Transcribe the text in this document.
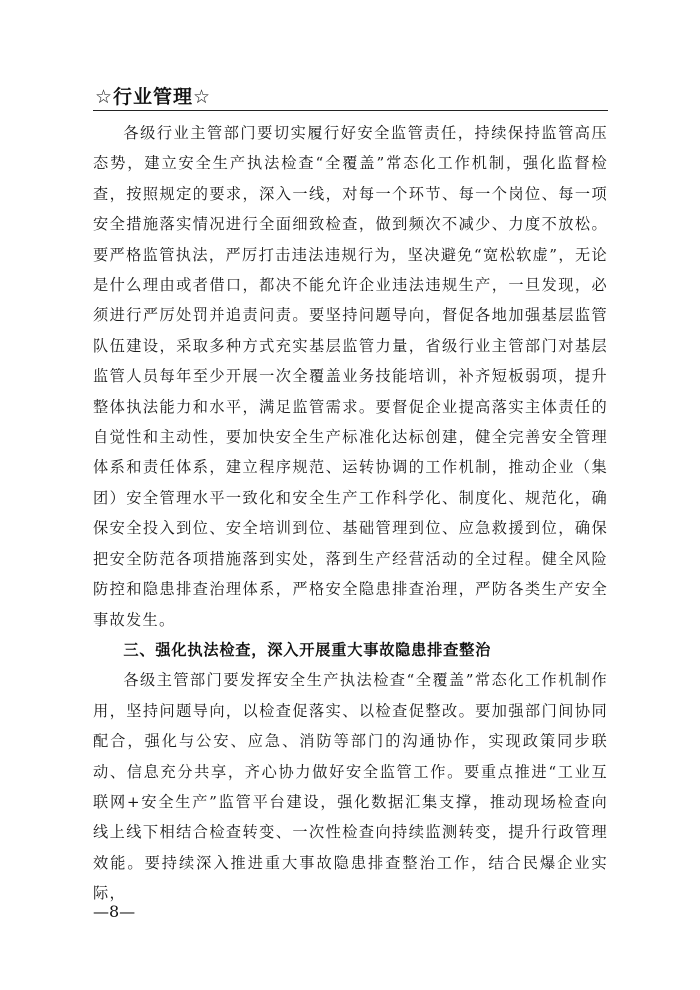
☆行业管理☆

各级行业主管部门要切实履行好安全监管责任，持续保持监管高压态势，建立安全生产执法检查“全覆盖”常态化工作机制，强化监督检查，按照规定的要求，深入一线，对每一个环节、每一个岗位、每一项安全措施落实情况进行全面细致检查，做到频次不减少、力度不放松。要严格监管执法，严厉打击违法违规行为，坚决避免“宽松软虚”，无论是什么理由或者借口，都决不能允许企业违法违规生产，一旦发现，必须进行严厉处罚并追责问责。要坚持问题导向，督促各地加强基层监管队伍建设，采取多种方式充实基层监管力量，省级行业主管部门对基层监管人员每年至少开展一次全覆盖业务技能培训，补齐短板弱项，提升整体执法能力和水平，满足监管需求。要督促企业提高落实主体责任的自觉性和主动性，要加快安全生产标准化达标创建，健全完善安全管理体系和责任体系，建立程序规范、运转协调的工作机制，推动企业（集团）安全管理水平一致化和安全生产工作科学化、制度化、规范化，确保安全投入到位、安全培训到位、基础管理到位、应急救援到位，确保把安全防范各项措施落到实处，落到生产经营活动的全过程。健全风险防控和隐患排查治理体系，严格安全隐患排查治理，严防各类生产安全事故发生。

三、强化执法检查，深入开展重大事故隐患排查整治

各级主管部门要发挥安全生产执法检查“全覆盖”常态化工作机制作用，坚持问题导向，以检查促落实、以检查促整改。要加强部门间协同配合，强化与公安、应急、消防等部门的沟通协作，实现政策同步联动、信息充分共享，齐心协力做好安全监管工作。要重点推进“工业互联网+安全生产”监管平台建设，强化数据汇集支撑，推动现场检查向线上线下相结合检查转变、一次性检查向持续监测转变，提升行政管理效能。要持续深入推进重大事故隐患排查整治工作，结合民爆企业实际，

—8—
